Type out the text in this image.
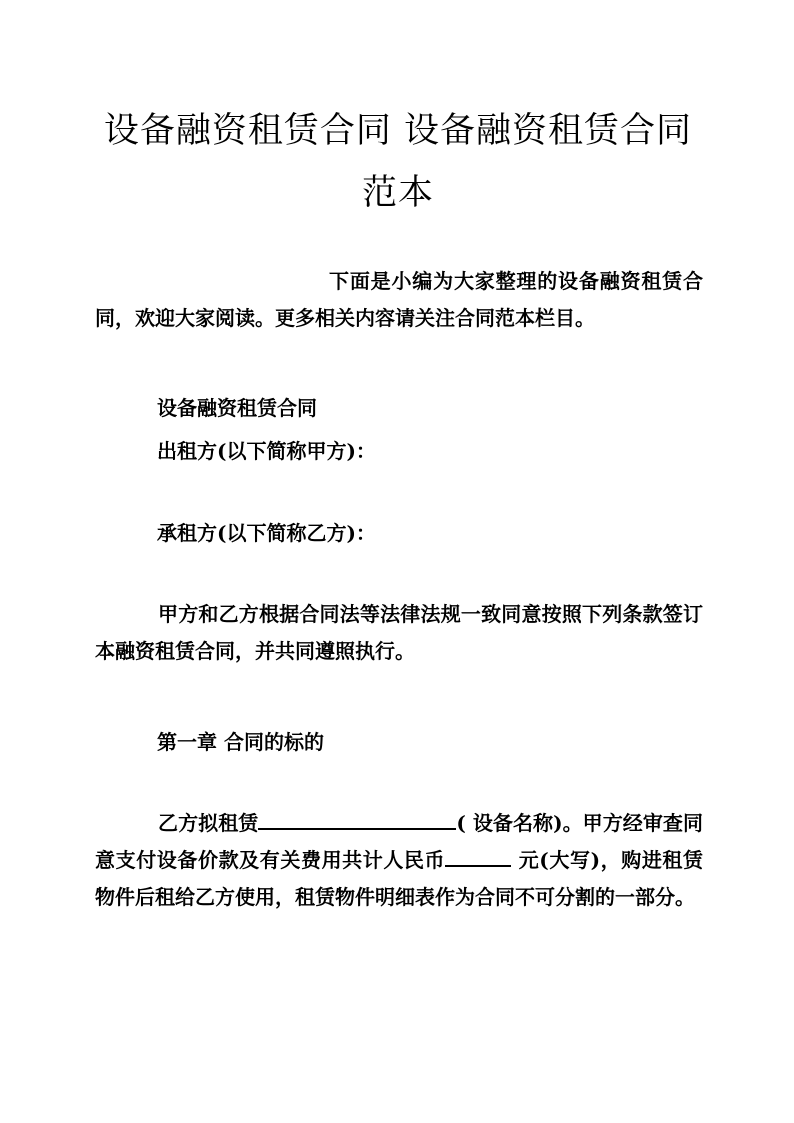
设备融资租赁合同 设备融资租赁合同范本
下面是小编为大家整理的设备融资租赁合同，欢迎大家阅读。更多相关内容请关注合同范本栏目。
设备融资租赁合同
出租方(以下简称甲方)：
承租方(以下简称乙方)：
甲方和乙方根据合同法等法律法规一致同意按照下列条款签订本融资租赁合同，并共同遵照执行。
第一章 合同的标的
乙方拟租赁	( 设备名称)。甲方经审查同意支付设备价款及有关费用共计人民币	元(大写)，购进租赁物件后租给乙方使用，租赁物件明细表作为合同不可分割的一部分。
